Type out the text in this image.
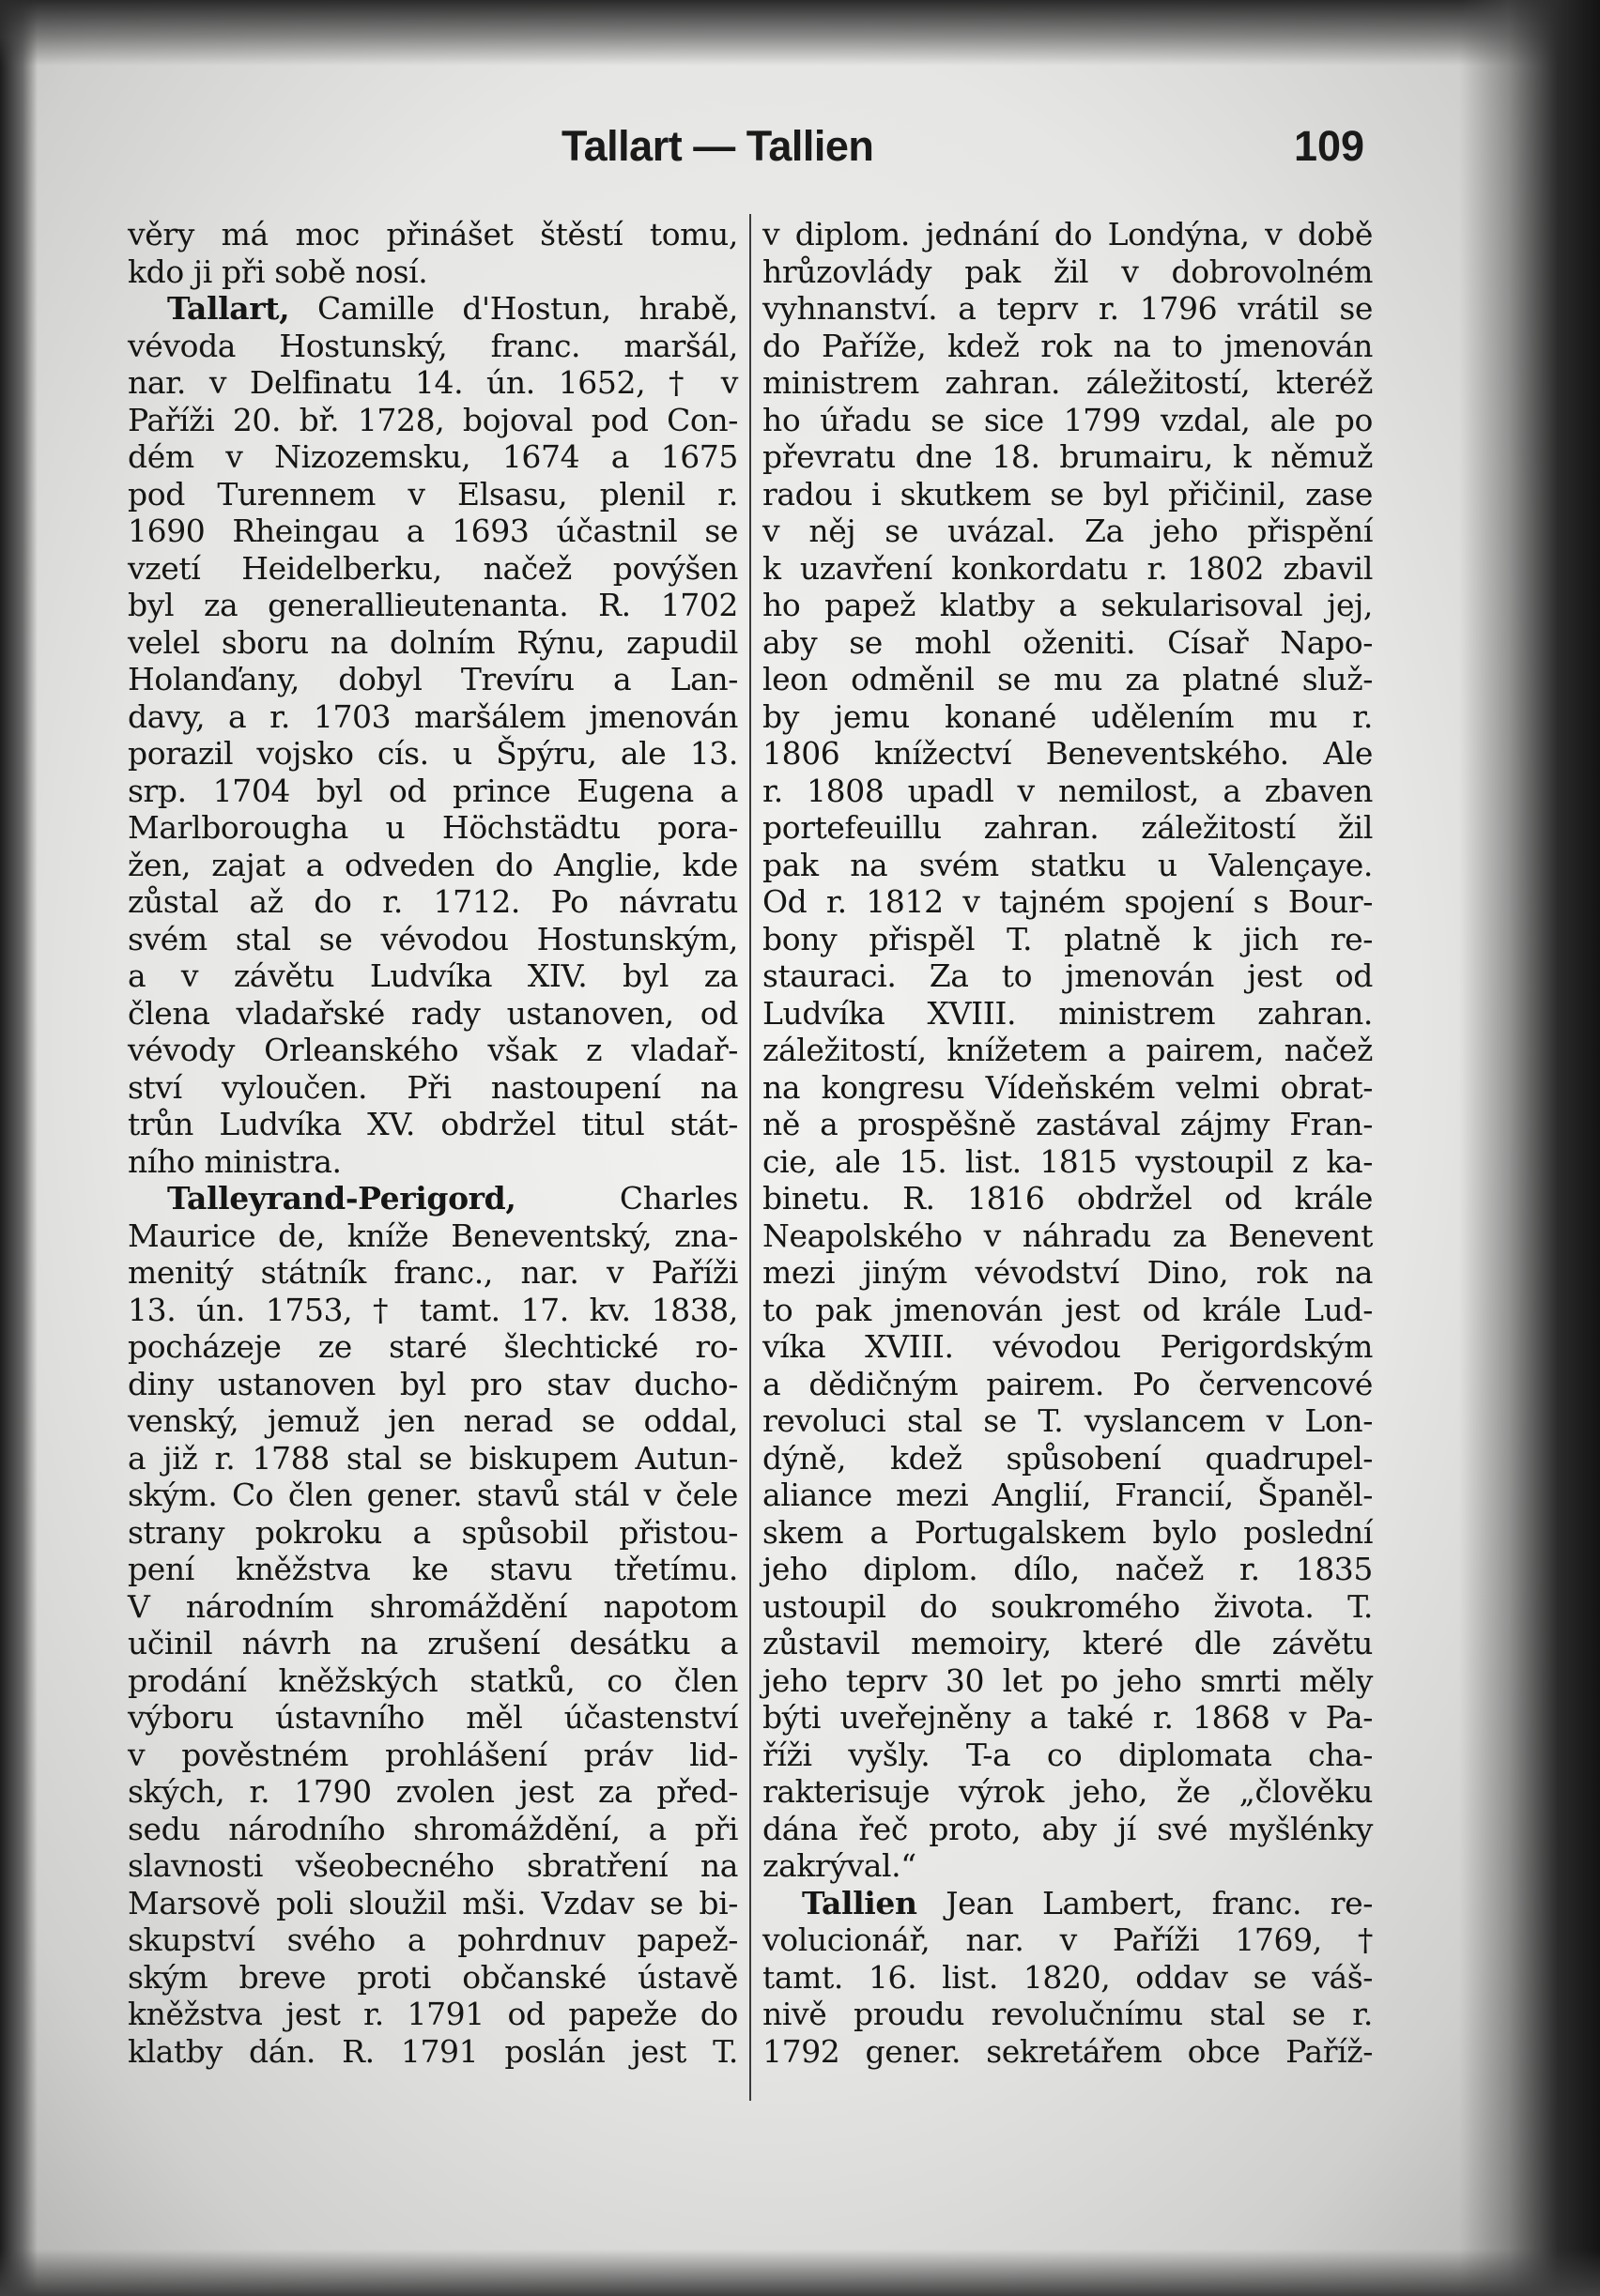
Tallart — Tallien	109
věry má moc přinášet štěstí tomu,
kdo ji při sobě nosí.
Tallart, Camille d'Hostun, hrabě,
vévoda Hostunský, franc. maršál,
nar. v Delfinatu 14. ún. 1652, † v
Paříži 20. bř. 1728, bojoval pod Con-
dém v Nizozemsku, 1674 a 1675
pod Turennem v Elsasu, plenil r.
1690 Rheingau a 1693 účastnil se
vzetí Heidelberku, načež povýšen
byl za generallieutenanta. R. 1702
velel sboru na dolním Rýnu, zapudil
Holanďany, dobyl Trevíru a Lan-
davy, a r. 1703 maršálem jmenován
porazil vojsko cís. u Špýru, ale 13.
srp. 1704 byl od prince Eugena a
Marlborougha u Höchstädtu pora-
žen, zajat a odveden do Anglie, kde
zůstal až do r. 1712. Po návratu
svém stal se vévodou Hostunským,
a v závětu Ludvíka XIV. byl za
člena vladařské rady ustanoven, od
vévody Orleanského však z vladař-
ství vyloučen. Při nastoupení na
trůn Ludvíka XV. obdržel titul stát-
ního ministra.
Talleyrand-Perigord, Charles
Maurice de, kníže Beneventský, zna-
menitý státník franc., nar. v Paříži
13. ún. 1753, † tamt. 17. kv. 1838,
pocházeje ze staré šlechtické ro-
diny ustanoven byl pro stav ducho-
venský, jemuž jen nerad se oddal,
a již r. 1788 stal se biskupem Autun-
ským. Co člen gener. stavů stál v čele
strany pokroku a spůsobil přistou-
pení kněžstva ke stavu třetímu.
V národním shromáždění napotom
učinil návrh na zrušení desátku a
prodání kněžských statků, co člen
výboru ústavního měl účastenství
v pověstném prohlášení práv lid-
ských, r. 1790 zvolen jest za před-
sedu národního shromáždění, a při
slavnosti všeobecného sbratření na
Marsově poli sloužil mši. Vzdav se bi-
skupství svého a pohrdnuv papež-
ským breve proti občanské ústavě
kněžstva jest r. 1791 od papeže do
klatby dán. R. 1791 poslán jest T.
v diplom. jednání do Londýna, v době
hrůzovlády pak žil v dobrovolném
vyhnanství. a teprv r. 1796 vrátil se
do Paříže, kdež rok na to jmenován
ministrem zahran. záležitostí, kteréž
ho úřadu se sice 1799 vzdal, ale po
převratu dne 18. brumairu, k němuž
radou i skutkem se byl přičinil, zase
v něj se uvázal. Za jeho přispění
k uzavření konkordatu r. 1802 zbavil
ho papež klatby a sekularisoval jej,
aby se mohl oženiti. Císař Napo-
leon odměnil se mu za platné služ-
by jemu konané udělením mu r.
1806 knížectví Beneventského. Ale
r. 1808 upadl v nemilost, a zbaven
portefeuillu zahran. záležitostí žil
pak na svém statku u Valençaye.
Od r. 1812 v tajném spojení s Bour-
bony přispěl T. platně k jich re-
stauraci. Za to jmenován jest od
Ludvíka XVIII. ministrem zahran.
záležitostí, knížetem a pairem, načež
na kongresu Vídeňském velmi obrat-
ně a prospěšně zastával zájmy Fran-
cie, ale 15. list. 1815 vystoupil z ka-
binetu. R. 1816 obdržel od krále
Neapolského v náhradu za Benevent
mezi jiným vévodství Dino, rok na
to pak jmenován jest od krále Lud-
víka XVIII. vévodou Perigordským
a dědičným pairem. Po červencové
revoluci stal se T. vyslancem v Lon-
dýně, kdež spůsobení quadrupel-
aliance mezi Anglií, Francií, Španěl-
skem a Portugalskem bylo poslední
jeho diplom. dílo, načež r. 1835
ustoupil do soukromého života. T.
zůstavil memoiry, které dle závětu
jeho teprv 30 let po jeho smrti měly
býti uveřejněny a také r. 1868 v Pa-
říži vyšly. T-a co diplomata cha-
rakterisuje výrok jeho, že „člověku
dána řeč proto, aby jí své myšlénky
zakrýval.“
Tallien Jean Lambert, franc. re-
volucionář, nar. v Paříži 1769, †
tamt. 16. list. 1820, oddav se váš-
nivě proudu revolučnímu stal se r.
1792 gener. sekretářem obce Paříž-
